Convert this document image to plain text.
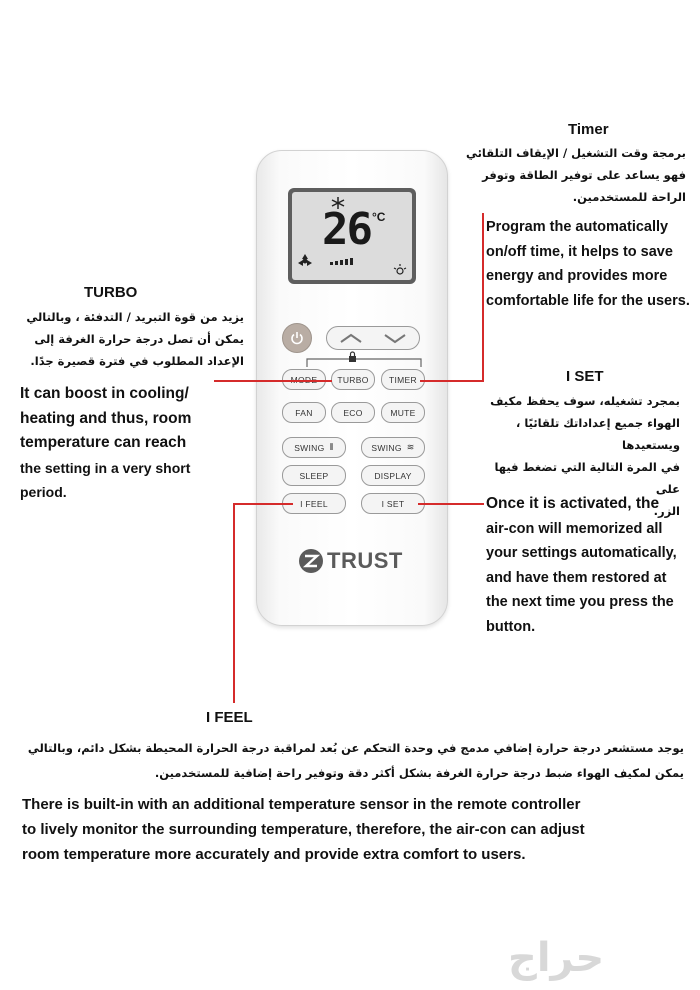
Timer
برمجة وقت التشغيل / الإيقاف التلقائي
فهو يساعد على توفير الطاقة وتوفر
الراحة للمستخدمين.
Program the automatically
on/off time, it helps to save
energy and provides more
comfortable life for the users.
TURBO
يزيد من قوة التبريد / التدفئة ، وبالتالي
يمكن أن تصل درجة حرارة الغرفة إلى
الإعداد المطلوب في فترة قصيرة جدًا.
It can boost in cooling/
heating and thus, room
temperature can reach
the setting in a very short
period.
I SET
بمجرد تشغيله، سوف يحفظ مكيف
الهواء جميع إعداداتك تلقائيًا ، ويستعيدها
في المرة التالية التي تضغط فيها على
الزر.
Once it is activated, the
air-con will memorized all
your settings automatically,
and have them restored at
the next time you press the
button.
I FEEL
يوجد مستشعر درجة حرارة إضافي مدمج في وحدة التحكم عن بُعد لمراقبة درجة الحرارة المحيطة بشكل دائم، وبالتالي
يمكن لمكيف الهواء ضبط درجة حرارة الغرفة بشكل أكثر دقة وتوفير راحة إضافية للمستخدمين.
There is built-in with an additional temperature sensor in the remote controller
to lively monitor the surrounding temperature, therefore, the air-con can adjust
room temperature more accurately and provide extra comfort to users.
26 °C
TURBO	TIMER
FAN	ECO	MUTE
SWING ⦀	SWING ≋
SLEEP	DISPLAY
I FEEL	I SET
TRUST
حراج
